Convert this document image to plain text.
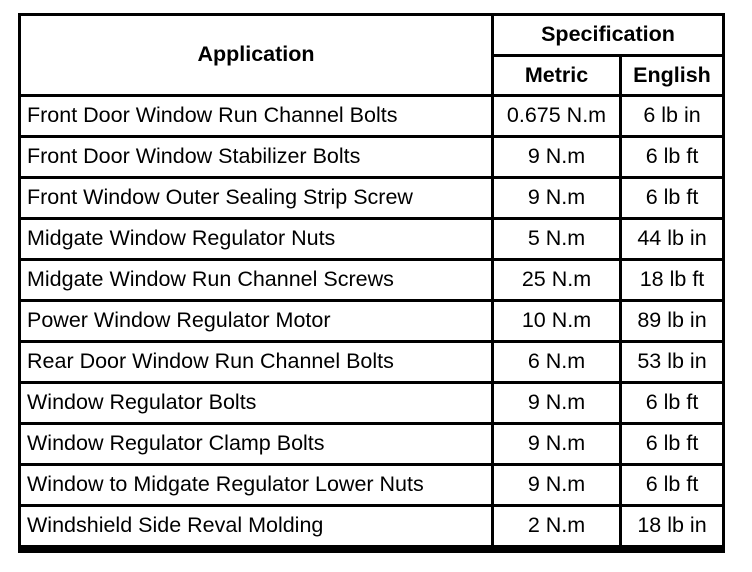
Application
Specification
Metric	English
Front Door Window Run Channel Bolts	0.675 N.m	6 lb in
Front Door Window Stabilizer Bolts	9 N.m	6 lb ft
Front Window Outer Sealing Strip Screw	9 N.m	6 lb ft
Midgate Window Regulator Nuts	5 N.m	44 lb in
Midgate Window Run Channel Screws	25 N.m	18 lb ft
Power Window Regulator Motor	10 N.m	89 lb in
Rear Door Window Run Channel Bolts	6 N.m	53 lb in
Window Regulator Bolts	9 N.m	6 lb ft
Window Regulator Clamp Bolts	9 N.m	6 lb ft
Window to Midgate Regulator Lower Nuts	9 N.m	6 lb ft
Windshield Side Reval Molding	2 N.m	18 lb in
